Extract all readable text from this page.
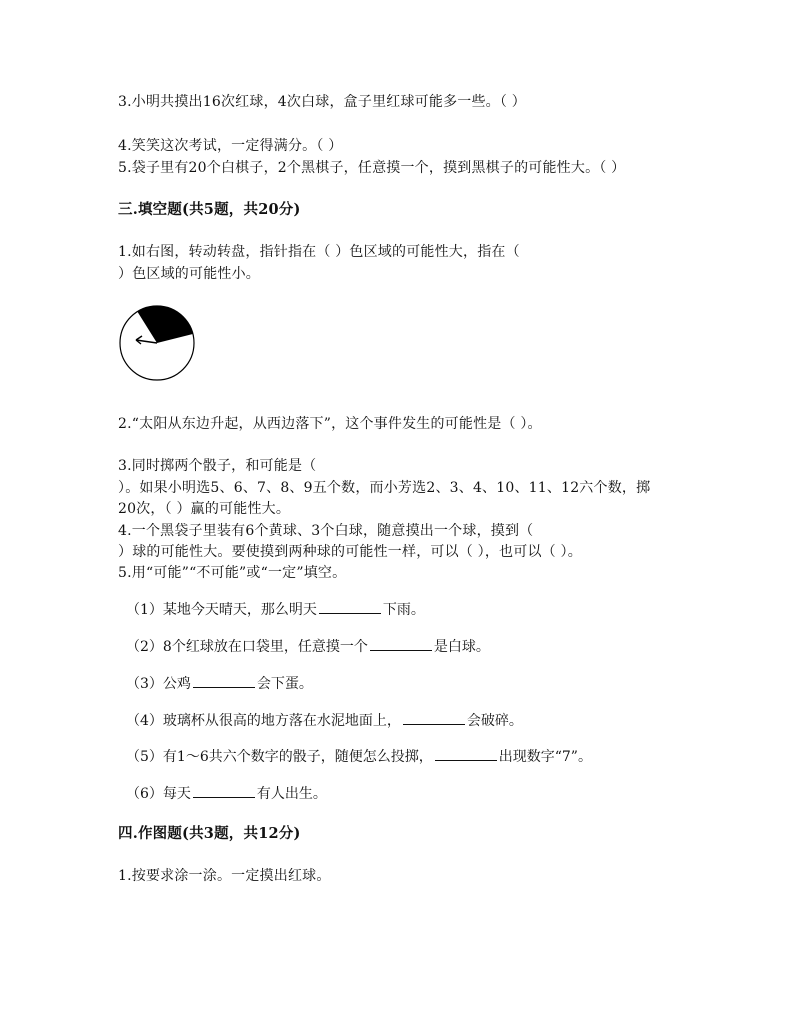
3.小明共摸出16次红球，4次白球，盒子里红球可能多一些。（ ）
4.笑笑这次考试，一定得满分。（ ）
5.袋子里有20个白棋子，2个黑棋子，任意摸一个，摸到黑棋子的可能性大。（ ）
三.填空题(共5题，共20分)
1.如右图，转动转盘，指针指在（ ）色区域的可能性大，指在（
）色区域的可能性小。
2.“太阳从东边升起，从西边落下”，这个事件发生的可能性是（ ）。
3.同时掷两个骰子，和可能是（
）。如果小明选5、6、7、8、9五个数，而小芳选2、3、4、10、11、12六个数，掷
20次，（ ）赢的可能性大。
4.一个黑袋子里装有6个黄球、3个白球，随意摸出一个球，摸到（
）球的可能性大。要使摸到两种球的可能性一样，可以（ ），也可以（ ）。
5.用“可能”“不可能”或“一定”填空。
（1）某地今天晴天，那么明天	下雨。
（2）8个红球放在口袋里，任意摸一个	是白球。
（3）公鸡	会下蛋。
（4）玻璃杯从很高的地方落在水泥地面上，	会破碎。
（5）有1～6共六个数字的骰子，随便怎么投掷，	出现数字“7”。
（6）每天	有人出生。
四.作图题(共3题，共12分)
1.按要求涂一涂。一定摸出红球。
